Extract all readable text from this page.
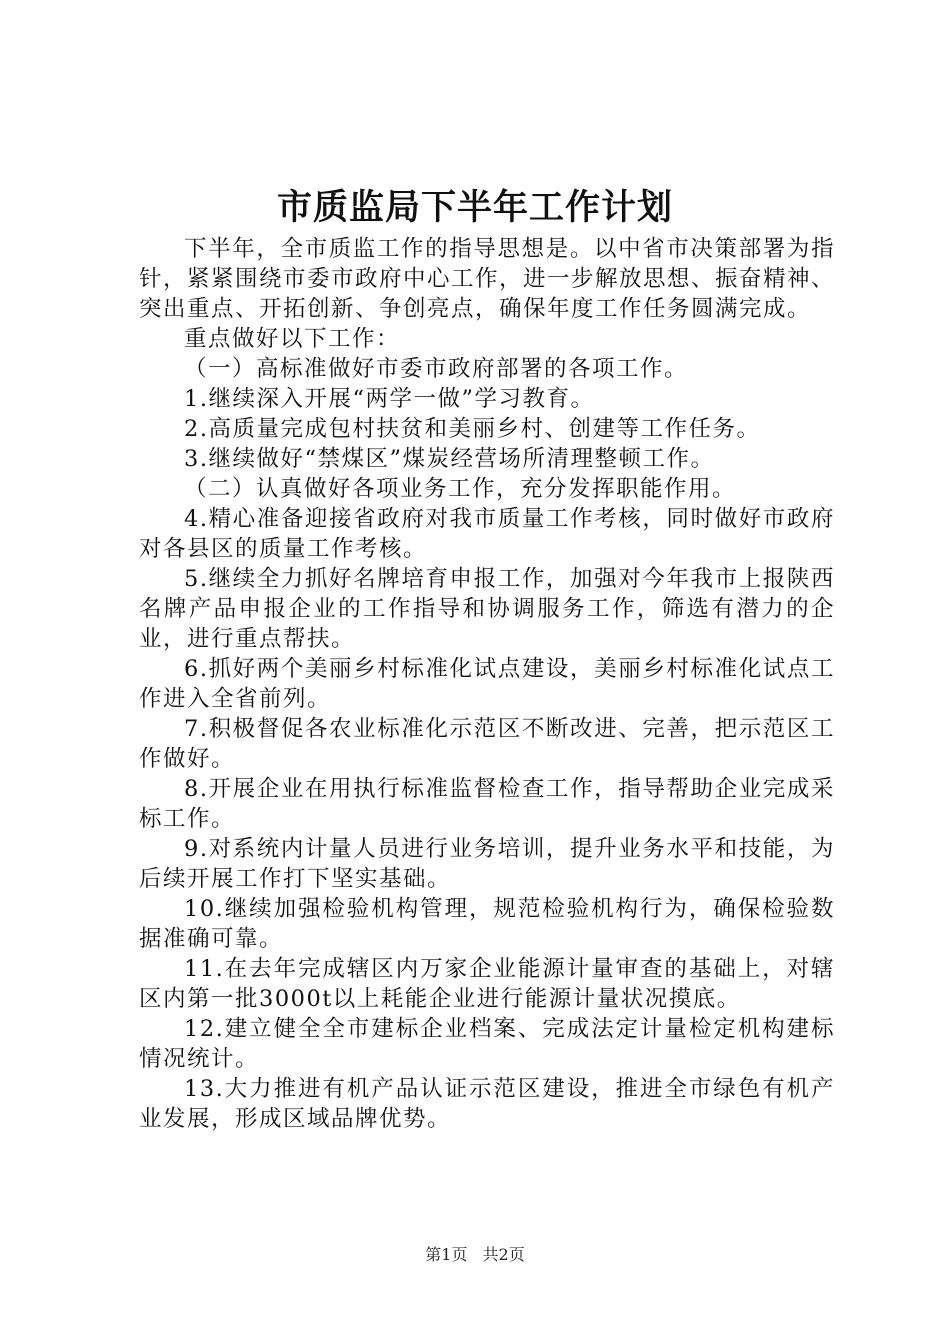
市质监局下半年工作计划

下半年，全市质监工作的指导思想是。以中省市决策部署为指针，紧紧围绕市委市政府中心工作，进一步解放思想、振奋精神、突出重点、开拓创新、争创亮点，确保年度工作任务圆满完成。

重点做好以下工作：

（一）高标准做好市委市政府部署的各项工作。

1.继续深入开展“两学一做”学习教育。

2.高质量完成包村扶贫和美丽乡村、创建等工作任务。

3.继续做好“禁煤区”煤炭经营场所清理整顿工作。

（二）认真做好各项业务工作，充分发挥职能作用。

4.精心准备迎接省政府对我市质量工作考核，同时做好市政府对各县区的质量工作考核。

5.继续全力抓好名牌培育申报工作，加强对今年我市上报陕西名牌产品申报企业的工作指导和协调服务工作，筛选有潜力的企业，进行重点帮扶。

6.抓好两个美丽乡村标准化试点建设，美丽乡村标准化试点工作进入全省前列。

7.积极督促各农业标准化示范区不断改进、完善，把示范区工作做好。

8.开展企业在用执行标准监督检查工作，指导帮助企业完成采标工作。

9.对系统内计量人员进行业务培训，提升业务水平和技能，为后续开展工作打下坚实基础。

10.继续加强检验机构管理，规范检验机构行为，确保检验数据准确可靠。

11.在去年完成辖区内万家企业能源计量审查的基础上，对辖区内第一批3000t以上耗能企业进行能源计量状况摸底。

12.建立健全全市建标企业档案、完成法定计量检定机构建标情况统计。

13.大力推进有机产品认证示范区建设，推进全市绿色有机产业发展，形成区域品牌优势。

第1页 共2页
